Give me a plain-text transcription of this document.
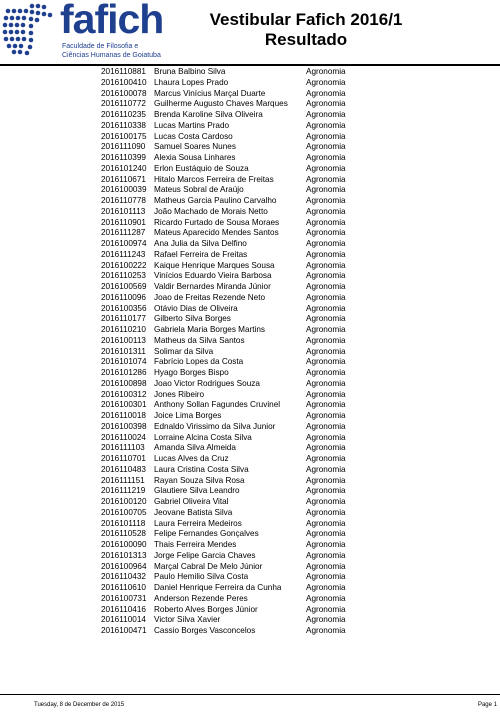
fafich
Faculdade de Filosofia e
Ciências Humanas de Goiatuba
Vestibular Fafich 2016/1
Resultado
2016110881 Bruna Balbino Silva	Agronomia
2016100410 Lhaura Lopes Prado	Agronomia
2016100078 Marcus Vinícius Marçal Duarte	Agronomia
2016110772 Guilherme Augusto Chaves Marques Agronomia
2016110235 Brenda Karoline Silva Oliveira	Agronomia
2016110338 Lucas Martins Prado	Agronomia
2016100175 Lucas Costa Cardoso	Agronomia
2016111090 Samuel Soares Nunes	Agronomia
2016110399 Alexia Sousa Linhares	Agronomia
2016101240 Erlon Eustáquio de Souza	Agronomia
2016110671 Hitalo Marcos Ferreira de Freitas	Agronomia
2016100039 Mateus Sobral de Araújo	Agronomia
2016110778 Matheus Garcia Paulino Carvalho	Agronomia
2016101113 João Machado de Morais Netto	Agronomia
2016110901 Ricardo Furtado de Sousa Moraes	Agronomia
2016111287 Mateus Aparecido Mendes Santos	Agronomia
2016100974 Ana Julia da Silva Delfino	Agronomia
2016111243 Rafael Ferreira de Freitas	Agronomia
2016100222 Kaique Henrique Marques Sousa	Agronomia
2016110253 Vinícios Eduardo Vieira Barbosa	Agronomia
2016100569 Valdir Bernardes Miranda Júnior	Agronomia
2016110096 Joao de Freitas Rezende Neto	Agronomia
2016100356 Otávio Dias de Oliveira	Agronomia
2016110177 Gilberto Silva Borges	Agronomia
2016110210 Gabriela Maria Borges Martins	Agronomia
2016100113 Matheus da Silva Santos	Agronomia
2016101311 Solimar da Silva	Agronomia
2016101074 Fabrício Lopes da Costa	Agronomia
2016101286 Hyago Borges Bispo	Agronomia
2016100898 Joao Victor Rodrigues Souza	Agronomia
2016100312 Jones Ribeiro	Agronomia
2016100301 Anthony Sollan Fagundes Cruvinel	Agronomia
2016110018 Joice Lima Borges	Agronomia
2016100398 Ednaldo Virissimo da Silva Junior	Agronomia
2016110024 Lorraine Alcina Costa Silva	Agronomia
2016111103 Amanda Silva Almeida	Agronomia
2016110701 Lucas Alves da Cruz	Agronomia
2016110483 Laura Cristina Costa Silva	Agronomia
2016111151 Rayan Souza Silva Rosa	Agronomia
2016111219 Glautiere Silva Leandro	Agronomia
2016100120 Gabriel Oliveira Vital	Agronomia
2016100705 Jeovane Batista Silva	Agronomia
2016101118 Laura Ferreira Medeiros	Agronomia
2016110528 Felipe Fernandes Gonçalves	Agronomia
2016100090 Thais Ferreira Mendes	Agronomia
2016101313 Jorge Felipe Garcia Chaves	Agronomia
2016100964 Marçal Cabral De Melo Júnior	Agronomia
2016110432 Paulo Hemilio Silva Costa	Agronomia
2016110610 Daniel Henrique Ferreira da Cunha	Agronomia
2016100731 Anderson Rezende Peres	Agronomia
2016110416 Roberto Alves Borges Júnior	Agronomia
2016110014 Victor Silva Xavier	Agronomia
2016100471 Cassio Borges Vasconcelos	Agronomia
Tuesday, 8 de December de 2015	Page 1
